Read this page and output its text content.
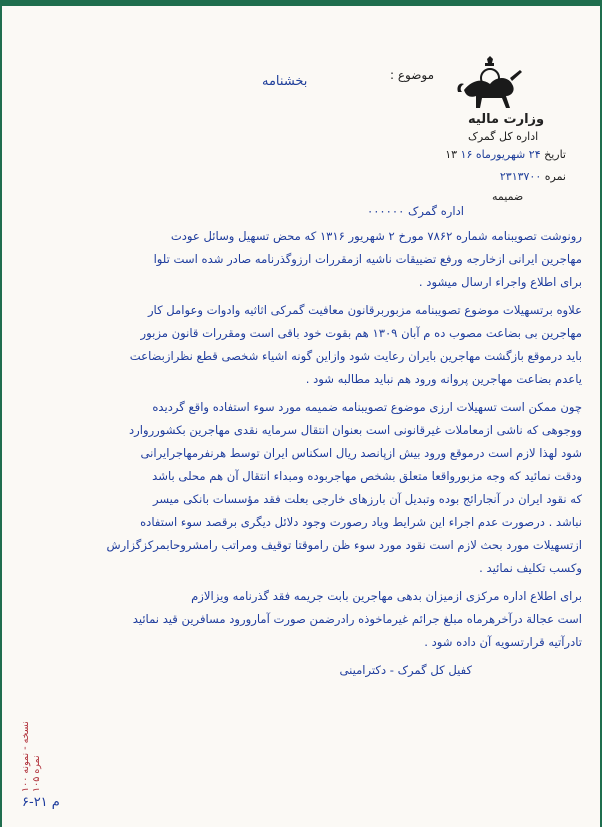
موضوع :
بخشنامه
وزارت ماليه
اداره کل گمرک
تاريخ ۲۴ شهريورماه ۱۶ ۱۳
نمره ۲۳۱۳۷۰۰
ضميمه
اداره گمرک ۰۰۰۰۰۰
رونوشت تصويبنامه شماره ۷۸۶۲ مورخ ۲ شهريور ۱۳۱۶ که محض تسهيل وسائل عودت
مهاجرين ايرانى ازخارجه ورفع تضييقات ناشيه ازمقررات ارزوگذرنامه صادر شده است تلوا
براى اطلاع واجراء ارسال ميشود .
علاوه برتسهيلات موضوع تصويبنامه مزبوربرقانون معافيت گمرکى اثاثيه وادوات وعوامل کار
مهاجرين بى بضاعت مصوب ده م آبان ۱۳۰۹ هم بقوت خود باقى است ومقررات قانون مزبور
بايد درموقع بازگشت مهاجرين بايران رعايت شود وازاين گونه اشياء شخصى قطع نظرازبضاعت
ياعدم بضاعت مهاجرين پروانه ورود هم نبايد مطالبه شود .
چون ممکن است تسهيلات ارزى موضوع تصويبنامه ضميمه مورد سوء استفاده واقع گرديده
ووجوهى که ناشى ازمعاملات غيرقانونى است بعنوان انتقال سرمايه نقدى مهاجرين بکشورروارد
شود لهذا لازم است درموقع ورود بيش ازپانصد ريال اسکناس ايران توسط هرنفرمهاجرايرانى
ودقت نمائيد که وجه مزبورواقعا متعلق بشخص مهاجربوده ومبداء انتقال آن هم محلى باشد
که نقود ايران در آنجارائج بوده وتبديل آن بارزهاى خارجى بعلت فقد مؤسسات بانکى ميسر
نباشد . درصورت عدم اجراء اين شرايط وياد رصورت وجود دلائل ديگرى برقصد سوء استفاده
ازتسهيلات مورد بحث لازم است نقود مورد سوء ظن راموقتا توقيف ومراتب رامشروحابمرکزگزارش
وکسب تکليف نمائيد .
براى اطلاع اداره مرکزى ازميزان بدهى مهاجرين بابت جريمه فقد گذرنامه ويزالازم
است عجالة درآخرهرماه مبلغ جرائم غيرماخوذه رادرضمن صورت آمارورود مسافرين قيد نمائيد
تادرآتيه قرارتسويه آن داده شود .
کفيل کل گمرک - دکترامينى
۱۰۰ نسخه - نمونه نمره ۱۰۵
م ۲۱-۶
